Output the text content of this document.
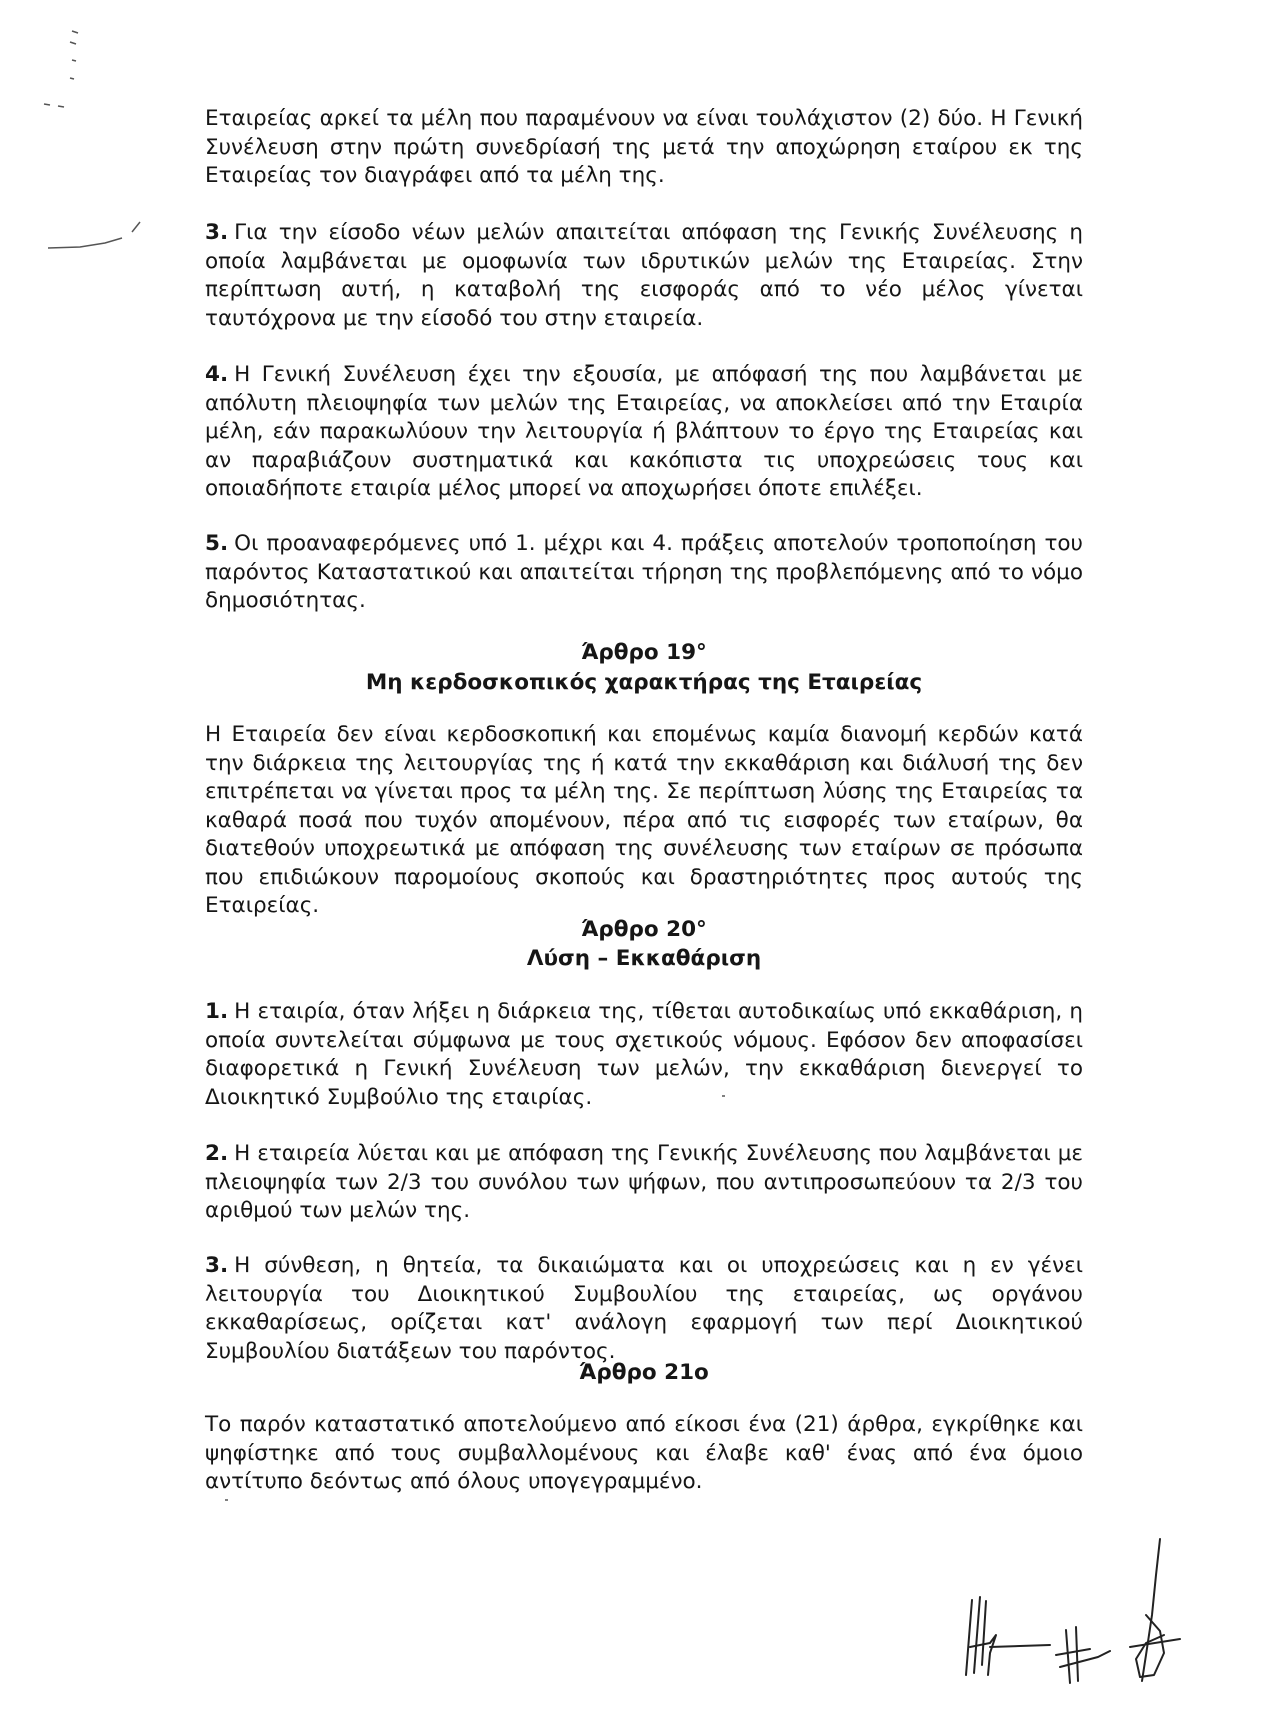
Εταιρείας αρκεί τα μέλη που παραμένουν να είναι τουλάχιστον (2) δύο. Η Γενική Συνέλευση στην πρώτη συνεδρίασή της μετά την αποχώρηση εταίρου εκ της Εταιρείας τον διαγράφει από τα μέλη της.

3. Για την είσοδο νέων μελών απαιτείται απόφαση της Γενικής Συνέλευσης η οποία λαμβάνεται με ομοφωνία των ιδρυτικών μελών της Εταιρείας. Στην περίπτωση αυτή, η καταβολή της εισφοράς από το νέο μέλος γίνεται ταυτόχρονα με την είσοδό του στην εταιρεία.

4. Η Γενική Συνέλευση έχει την εξουσία, με απόφασή της που λαμβάνεται με απόλυτη πλειοψηφία των μελών της Εταιρείας, να αποκλείσει από την Εταιρία μέλη, εάν παρακωλύουν την λειτουργία ή βλάπτουν το έργο της Εταιρείας και αν παραβιάζουν συστηματικά και κακόπιστα τις υποχρεώσεις τους και οποιαδήποτε εταιρία μέλος μπορεί να αποχωρήσει όποτε επιλέξει.

5. Οι προαναφερόμενες υπό 1. μέχρι και 4. πράξεις αποτελούν τροποποίηση του παρόντος Καταστατικού και απαιτείται τήρηση της προβλεπόμενης από το νόμο δημοσιότητας.

Άρθρο 19°
Μη κερδοσκοπικός χαρακτήρας της Εταιρείας

Η Εταιρεία δεν είναι κερδοσκοπική και επομένως καμία διανομή κερδών κατά την διάρκεια της λειτουργίας της ή κατά την εκκαθάριση και διάλυσή της δεν επιτρέπεται να γίνεται προς τα μέλη της. Σε περίπτωση λύσης της Εταιρείας τα καθαρά ποσά που τυχόν απομένουν, πέρα από τις εισφορές των εταίρων, θα διατεθούν υποχρεωτικά με απόφαση της συνέλευσης των εταίρων σε πρόσωπα που επιδιώκουν παρομοίους σκοπούς και δραστηριότητες προς αυτούς της Εταιρείας.

Άρθρο 20°
Λύση – Εκκαθάριση

1. Η εταιρία, όταν λήξει η διάρκεια της, τίθεται αυτοδικαίως υπό εκκαθάριση, η οποία συντελείται σύμφωνα με τους σχετικούς νόμους. Εφόσον δεν αποφασίσει διαφορετικά η Γενική Συνέλευση των μελών, την εκκαθάριση διενεργεί το Διοικητικό Συμβούλιο της εταιρίας.

2. Η εταιρεία λύεται και με απόφαση της Γενικής Συνέλευσης που λαμβάνεται με πλειοψηφία των 2/3 του συνόλου των ψήφων, που αντιπροσωπεύουν τα 2/3 του αριθμού των μελών της.

3. Η σύνθεση, η θητεία, τα δικαιώματα και οι υποχρεώσεις και η εν γένει λειτουργία του Διοικητικού Συμβουλίου της εταιρείας, ως οργάνου εκκαθαρίσεως, ορίζεται κατ' ανάλογη εφαρμογή των περί Διοικητικού Συμβουλίου διατάξεων του παρόντος.

Άρθρο 21ο

Το παρόν καταστατικό αποτελούμενο από είκοσι ένα (21) άρθρα, εγκρίθηκε και ψηφίστηκε από τους συμβαλλομένους και έλαβε καθ' ένας από ένα όμοιο αντίτυπο δεόντως από όλους υπογεγραμμένο.
